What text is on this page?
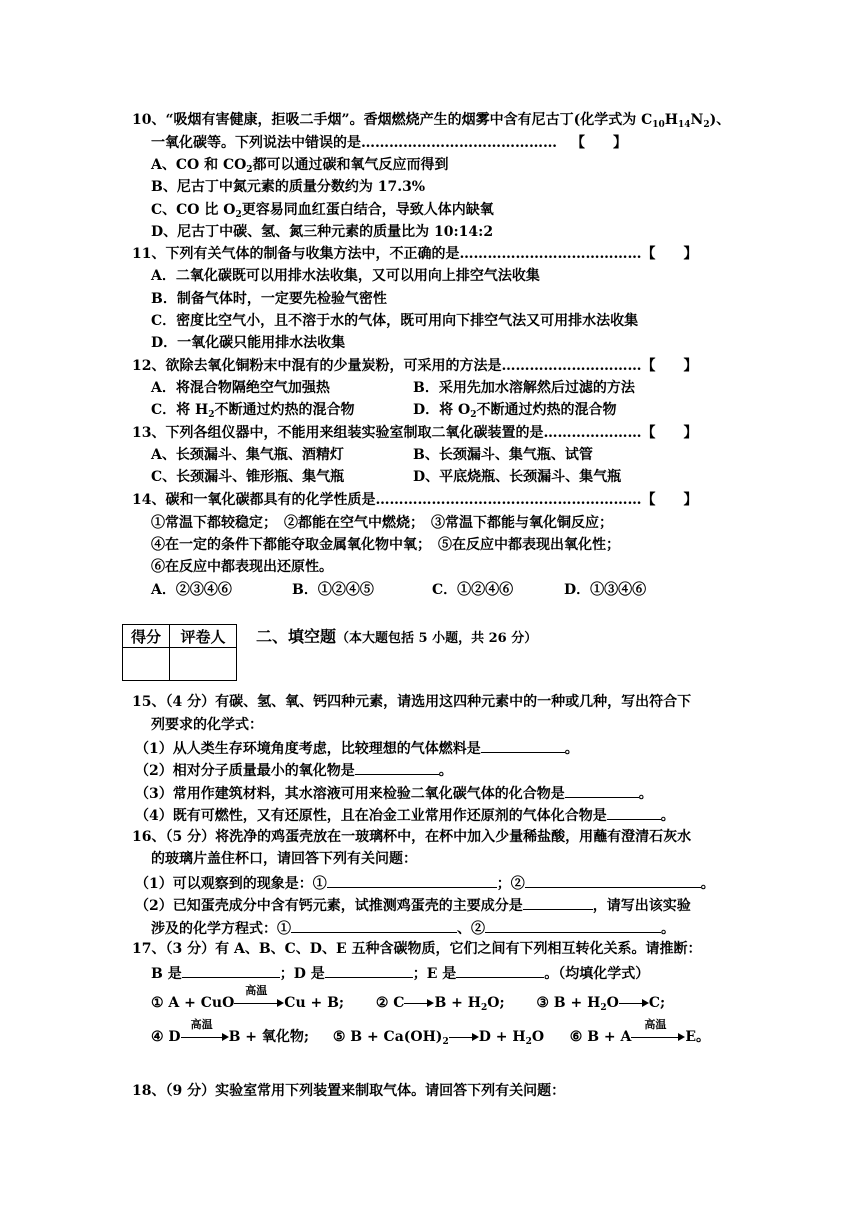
10、“吸烟有害健康，拒吸二手烟”。香烟燃烧产生的烟雾中含有尼古丁(化学式为 $C_{10}H_{14}N_2$)、
一氧化碳等。下列说法中错误的是…………………………………… 【　　】
A、CO 和 $CO_2$都可以通过碳和氧气反应而得到
B、尼古丁中氮元素的质量分数约为 17.3%
C、CO 比 $O_2$更容易同血红蛋白结合，导致人体内缺氧
D、尼古丁中碳、氢、氮三种元素的质量比为 10:14:2
11、下列有关气体的制备与收集方法中，不正确的是…………………………………【　　】
A．二氧化碳既可以用排水法收集，又可以用向上排空气法收集
B．制备气体时，一定要先检验气密性
C．密度比空气小，且不溶于水的气体，既可用向下排空气法又可用排水法收集
D．一氧化碳只能用排水法收集
12、欲除去氧化铜粉末中混有的少量炭粉，可采用的方法是…………………………【　　】
A．将混合物隔绝空气加强热	B．采用先加水溶解然后过滤的方法
C．将 $H_2$不断通过灼热的混合物	D．将 $O_2$不断通过灼热的混合物
13、下列各组仪器中，不能用来组装实验室制取二氧化碳装置的是…………………【　　】
A、长颈漏斗、集气瓶、酒精灯	B、长颈漏斗、集气瓶、试管
C、长颈漏斗、锥形瓶、集气瓶	D、平底烧瓶、长颈漏斗、集气瓶
14、碳和一氧化碳都具有的化学性质是…………………………………………………【　　】
①常温下都较稳定；　②都能在空气中燃烧；　③常温下都能与氧化铜反应；
④在一定的条件下都能夺取金属氧化物中氧；　⑤在反应中都表现出氧化性；
⑥在反应中都表现出还原性。
A．②③④⑥	B．①②④⑤	C．①②④⑥	D．①③④⑥
得分	评卷人
	二、填空题（本大题包括 5 小题，共 26 分）
15、（4 分）有碳、氢、氧、钙四种元素，请选用这四种元素中的一种或几种，写出符合下
列要求的化学式：
（1）从人类生存环境角度考虑，比较理想的气体燃料是	。
（2）相对分子质量最小的氧化物是	。
（3）常用作建筑材料，其水溶液可用来检验二氧化碳气体的化合物是	。
（4）既有可燃性，又有还原性，且在冶金工业常用作还原剂的气体化合物是	。
16、（5 分）将洗净的鸡蛋壳放在一玻璃杯中，在杯中加入少量稀盐酸，用蘸有澄清石灰水
的玻璃片盖住杯口，请回答下列有关问题：
（1）可以观察到的现象是：①	；②	。
（2）已知蛋壳成分中含有钙元素，试推测鸡蛋壳的主要成分是	，请写出该实验
涉及的化学方程式：①	、②	。
17、（3 分）有 A、B、C、D、E 五种含碳物质，它们之间有下列相互转化关系。请推断：
B 是	；D 是	；E 是	。（均填化学式）
① A + CuO
高温
Cu + B; ② C $B + H_2O$; ③ $B + H_2O$ C;
④ D
高温
B + 氧化物; ⑤ $B + Ca(OH)_2$ $D + H_2O$ ⑥ B + A
高温
E。
18、（9 分）实验室常用下列装置来制取气体。请回答下列有关问题：
